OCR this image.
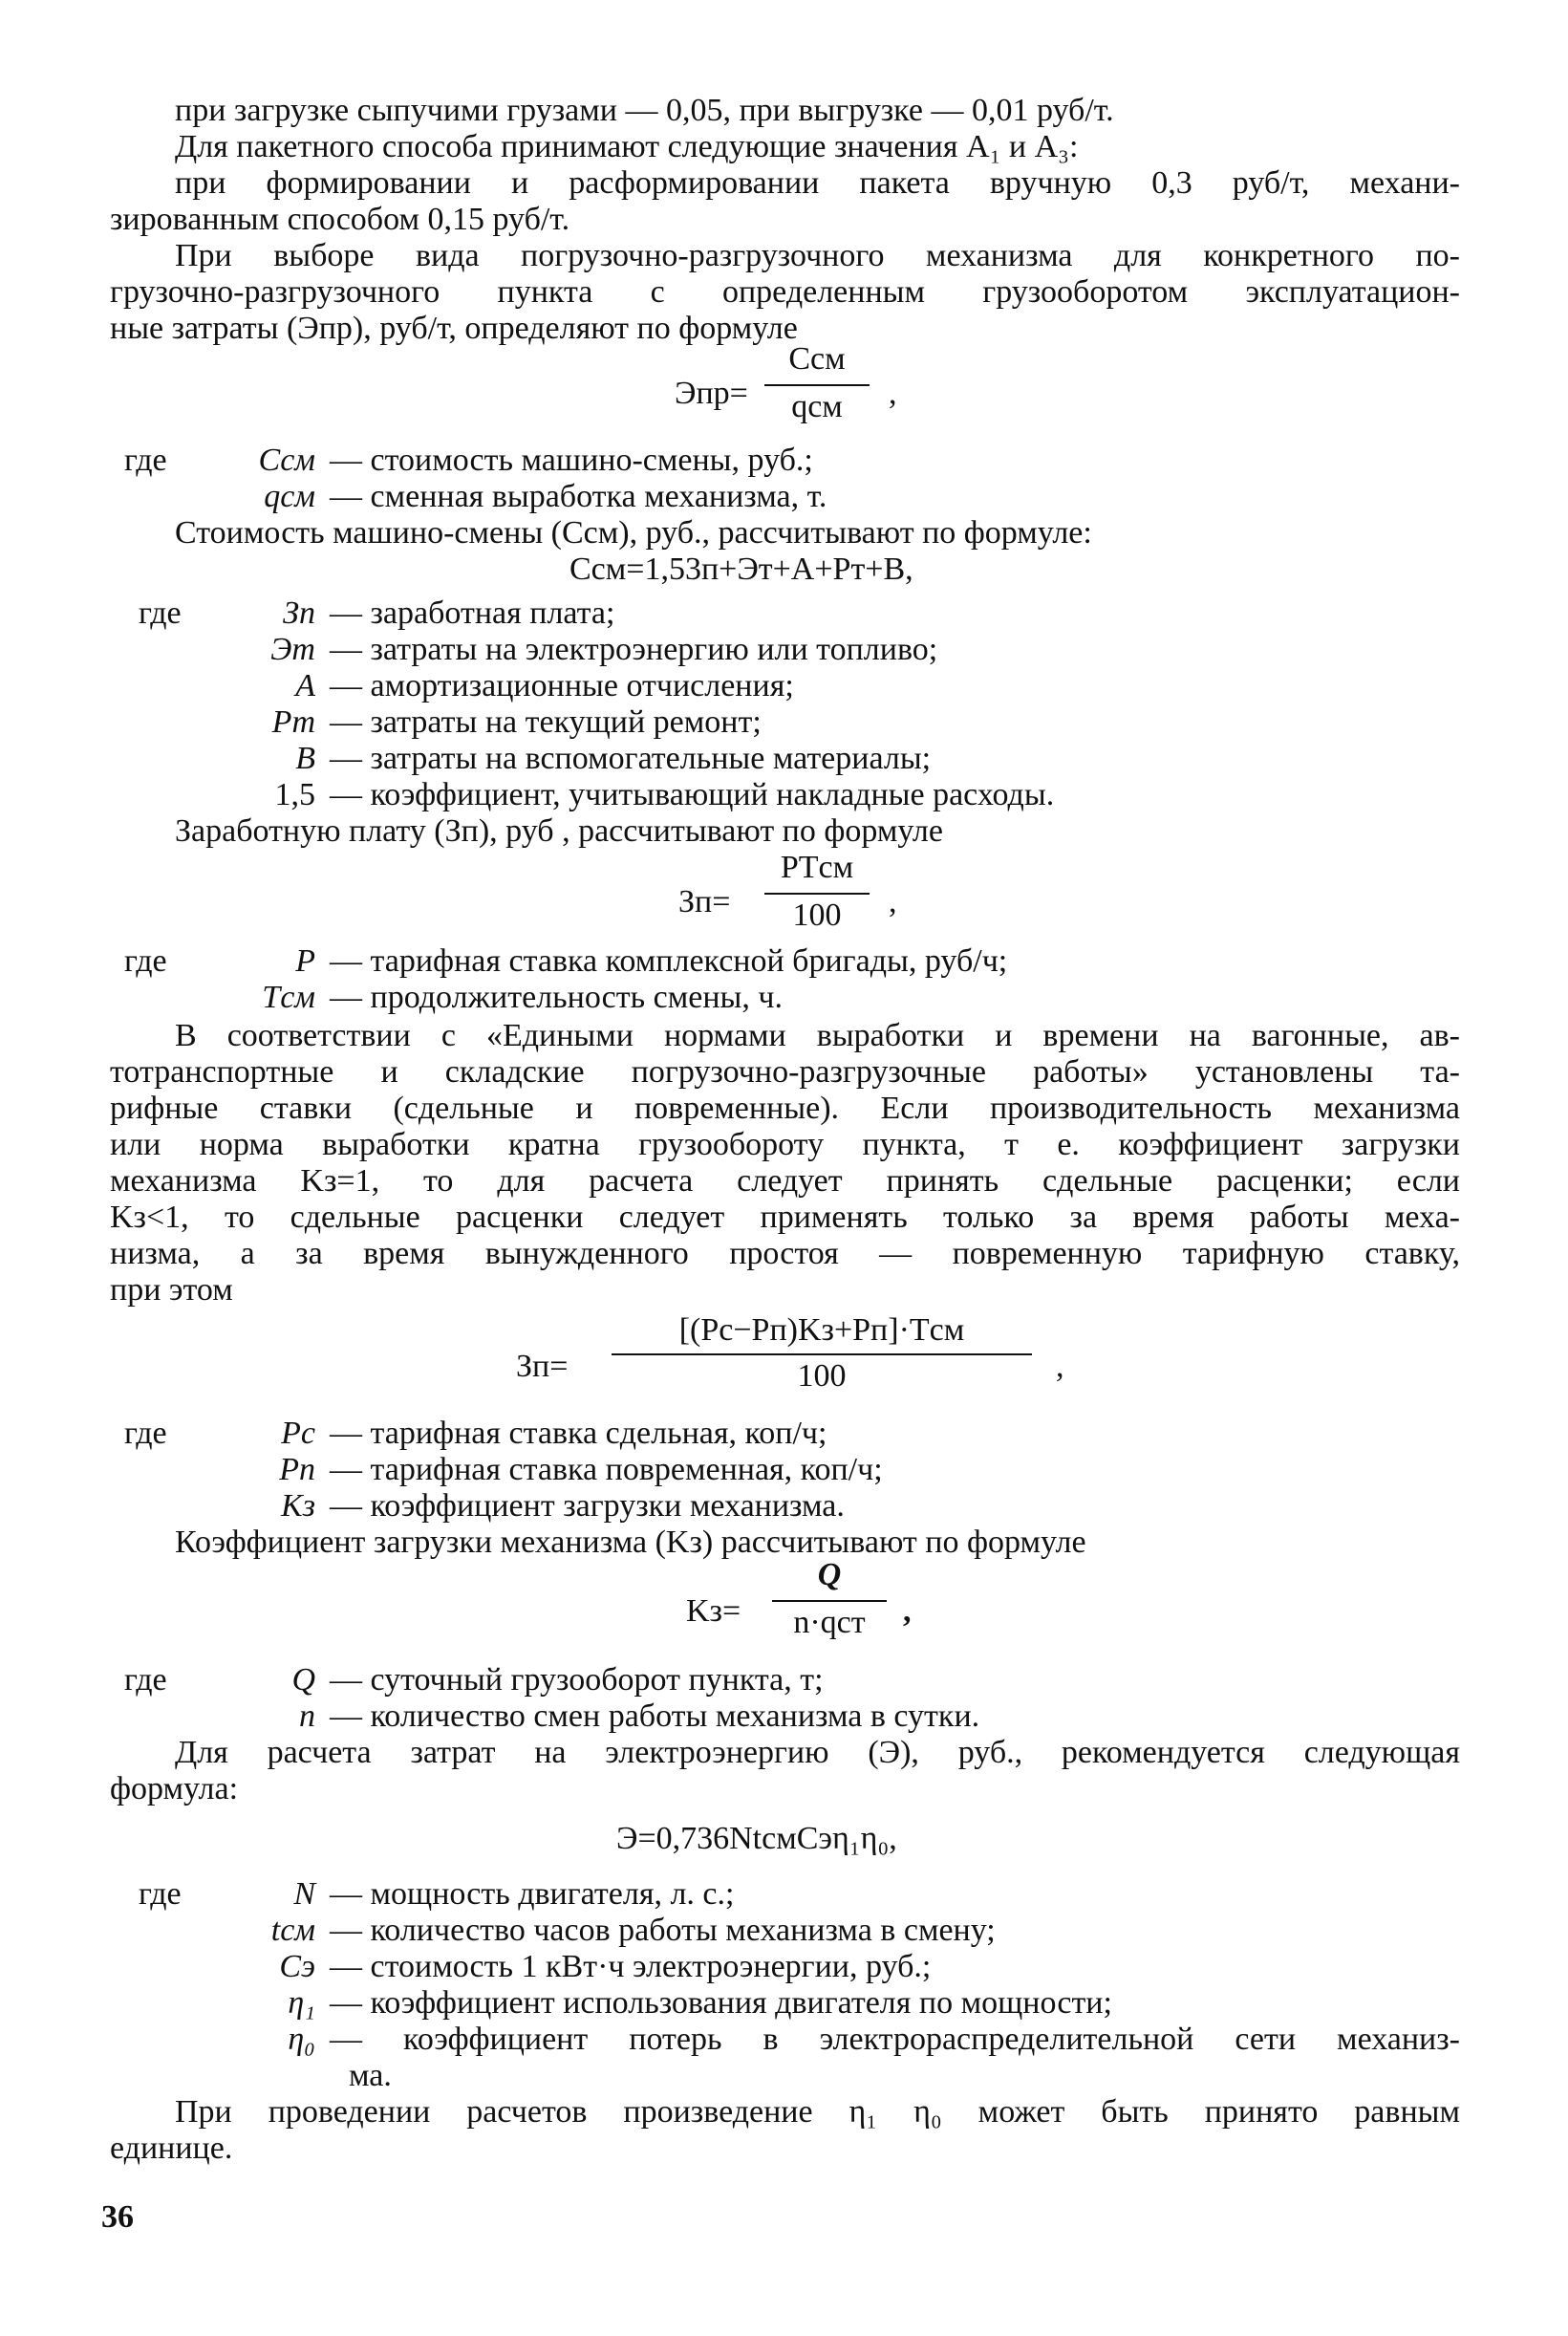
при загрузке сыпучими грузами — 0,05, при выгрузке — 0,01 руб/т.
Для пакетного способа принимают следующие значения A₁ и A₃:
при формировании и расформировании пакета вручную 0,3 руб/т, механи-
зированным способом 0,15 руб/т.
При выборе вида погрузочно-разгрузочного механизма для конкретного по-
грузочно-разгрузочного пункта с определенным грузооборотом эксплуатацион-
ные затраты (Эпр), руб/т, определяют по формуле
Эпр=
Cсм
qсм	,
где	Cсм — стоимость машино-смены, руб.;
qсм — сменная выработка механизма, т.
Стоимость машино-смены (Cсм), руб., рассчитывают по формуле:
Cсм=1,53п+Эт+A+Pт+B,
где	Зп — заработная плата;
Эт — затраты на электроэнергию или топливо;
A — амортизационные отчисления;
Pт — затраты на текущий ремонт;
B — затраты на вспомогательные материалы;
1,5 — коэффициент, учитывающий накладные расходы.
Заработную плату (Зп), руб , рассчитывают по формуле
Зп=
PTсм
100	,
где	P — тарифная ставка комплексной бригады, руб/ч;
Tсм — продолжительность смены, ч.
В соответствии с «Едиными нормами выработки и времени на вагонные, ав-
тотранспортные и складские погрузочно-разгрузочные работы» установлены та-
рифные ставки (сдельные и повременные). Если производительность механизма
или норма выработки кратна грузообороту пункта, т е. коэффициент загрузки
механизма Kз=1, то для расчета следует принять сдельные расценки; если
Kз<1, то сдельные расценки следует применять только за время работы меха-
низма, а за время вынужденного простоя — повременную тарифную ставку,
при этом
Зп=
[(Pс−Pп)Kз+Pп]·Tсм
100	,
где	Pс — тарифная ставка сдельная, коп/ч;
Pп — тарифная ставка повременная, коп/ч;
Kз — коэффициент загрузки механизма.
Коэффициент загрузки механизма (Kз) рассчитывают по формуле
Kз=
Q
n·qст	,
где	Q — суточный грузооборот пункта, т;
n — количество смен работы механизма в сутки.
Для расчета затрат на электроэнергию (Э), руб., рекомендуется следующая
формула:
Э=0,736NtсмCэη₁η₀,
где	N — мощность двигателя, л. с.;
tсм — количество часов работы механизма в смену;
Cэ — стоимость 1 кВт·ч электроэнергии, руб.;
η₁ — коэффициент использования двигателя по мощности;
η₀ — коэффициент потерь в электрораспределительной сети механиз-
ма.
При проведении расчетов произведение η₁ η₀ может быть принято равным
единице.
36
